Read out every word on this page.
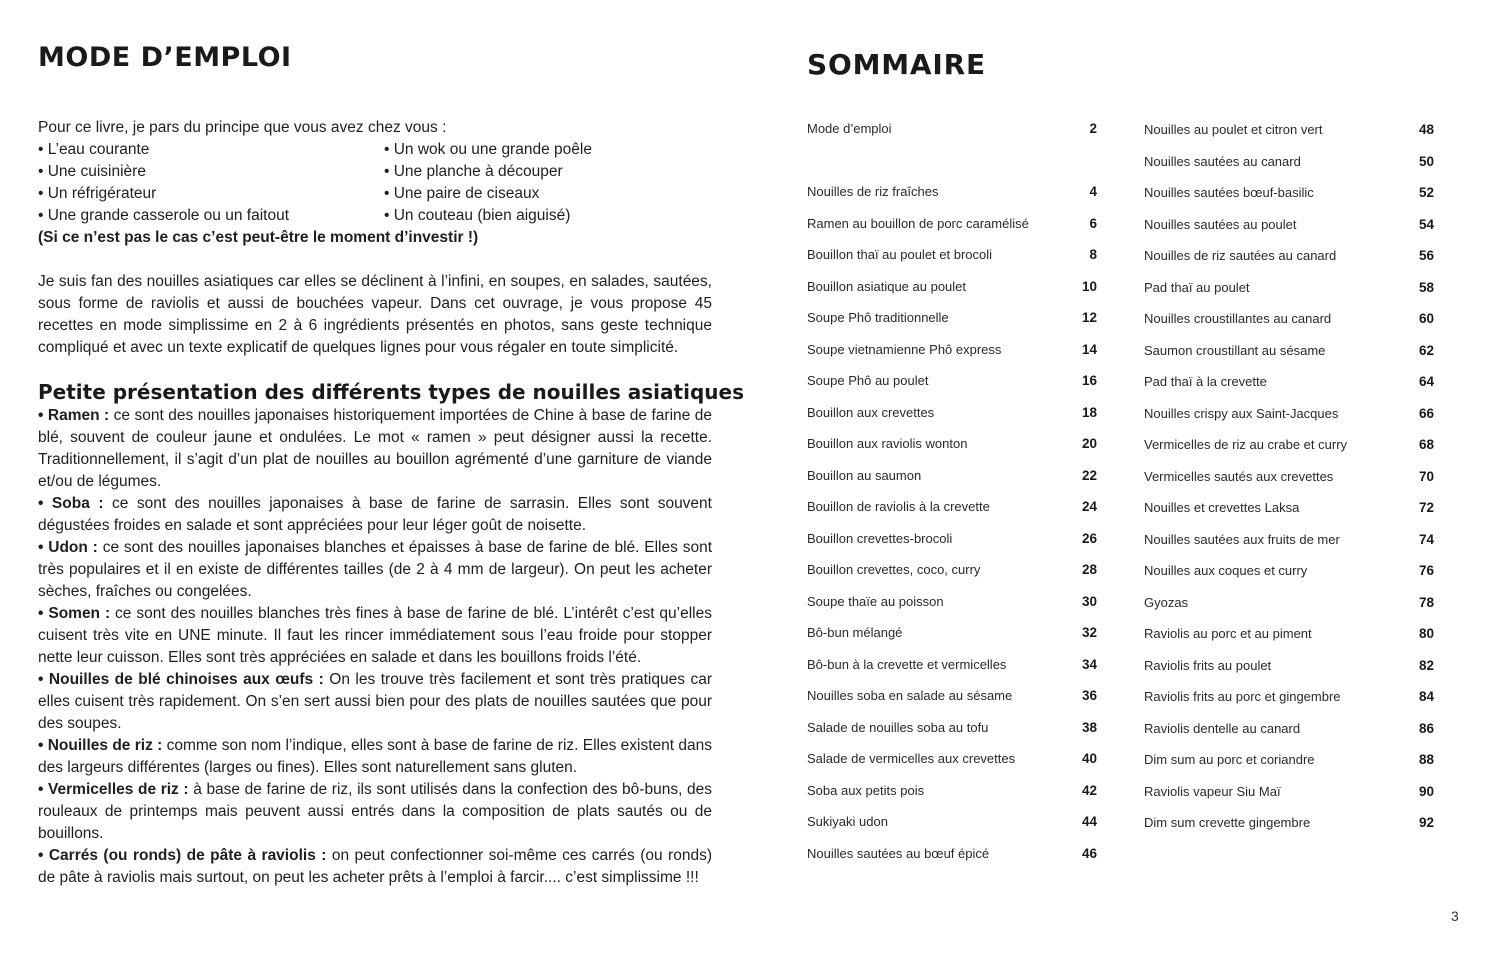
MODE D’EMPLOI
Pour ce livre, je pars du principe que vous avez chez vous :
• L’eau courante	• Un wok ou une grande poêle
• Une cuisinière	• Une planche à découper
• Un réfrigérateur	• Une paire de ciseaux
• Une grande casserole ou un faitout	• Un couteau (bien aiguisé)
(Si ce n’est pas le cas c’est peut-être le moment d’investir !)
Je suis fan des nouilles asiatiques car elles se déclinent à l’infini, en soupes, en salades, sautées, sous forme de raviolis et aussi de bouchées vapeur. Dans cet ouvrage, je vous propose 45 recettes en mode simplissime en 2 à 6 ingrédients présentés en photos, sans geste technique compliqué et avec un texte explicatif de quelques lignes pour vous régaler en toute simplicité.
Petite présentation des différents types de nouilles asiatiques

• Ramen : ce sont des nouilles japonaises historiquement importées de Chine à base de farine de blé, souvent de couleur jaune et ondulées. Le mot « ramen » peut désigner aussi la recette. Traditionnellement, il s’agit d’un plat de nouilles au bouillon agrémenté d’une garniture de viande et/ou de légumes.

• Soba : ce sont des nouilles japonaises à base de farine de sarrasin. Elles sont souvent dégustées froides en salade et sont appréciées pour leur léger goût de noisette.

• Udon : ce sont des nouilles japonaises blanches et épaisses à base de farine de blé. Elles sont très populaires et il en existe de différentes tailles (de 2 à 4 mm de largeur). On peut les acheter sèches, fraîches ou congelées.

• Somen : ce sont des nouilles blanches très fines à base de farine de blé. L’intérêt c’est qu’elles cuisent très vite en UNE minute. Il faut les rincer immédiatement sous l’eau froide pour stopper nette leur cuisson. Elles sont très appréciées en salade et dans les bouillons froids l’été.

• Nouilles de blé chinoises aux œufs : On les trouve très facilement et sont très pratiques car elles cuisent très rapidement. On s’en sert aussi bien pour des plats de nouilles sautées que pour des soupes.

• Nouilles de riz : comme son nom l’indique, elles sont à base de farine de riz. Elles existent dans des largeurs différentes (larges ou fines). Elles sont naturellement sans gluten.

• Vermicelles de riz : à base de farine de riz, ils sont utilisés dans la confection des bô-buns, des rouleaux de printemps mais peuvent aussi entrés dans la composition de plats sautés ou de bouillons.

• Carrés (ou ronds) de pâte à raviolis : on peut confectionner soi-même ces carrés (ou ronds) de pâte à raviolis mais surtout, on peut les acheter prêts à l’emploi à farcir.... c’est simplissime !!!

SOMMAIRE
Mode d’emploi	2
Nouilles de riz fraîches	4
Ramen au bouillon de porc caramélisé	6
Bouillon thaï au poulet et brocoli	8
Bouillon asiatique au poulet	10
Soupe Phô traditionnelle	12
Soupe vietnamienne Phô express	14
Soupe Phô au poulet	16
Bouillon aux crevettes	18
Bouillon aux raviolis wonton	20
Bouillon au saumon	22
Bouillon de raviolis à la crevette	24
Bouillon crevettes-brocoli	26
Bouillon crevettes, coco, curry	28
Soupe thaïe au poisson	30
Bô-bun mélangé	32
Bô-bun à la crevette et vermicelles	34
Nouilles soba en salade au sésame	36
Salade de nouilles soba au tofu	38
Salade de vermicelles aux crevettes	40
Soba aux petits pois	42
Sukiyaki udon	44
Nouilles sautées au bœuf épicé	46
Nouilles au poulet et citron vert	48
Nouilles sautées au canard	50
Nouilles sautées bœuf-basilic	52
Nouilles sautées au poulet	54
Nouilles de riz sautées au canard	56
Pad thaï au poulet	58
Nouilles croustillantes au canard	60
Saumon croustillant au sésame	62
Pad thaï à la crevette	64
Nouilles crispy aux Saint-Jacques	66
Vermicelles de riz au crabe et curry	68
Vermicelles sautés aux crevettes	70
Nouilles et crevettes Laksa	72
Nouilles sautées aux fruits de mer	74
Nouilles aux coques et curry	76
Gyozas	78
Raviolis au porc et au piment	80
Raviolis frits au poulet	82
Raviolis frits au porc et gingembre	84
Raviolis dentelle au canard	86
Dim sum au porc et coriandre	88
Raviolis vapeur Siu Maï	90
Dim sum crevette gingembre	92
3
